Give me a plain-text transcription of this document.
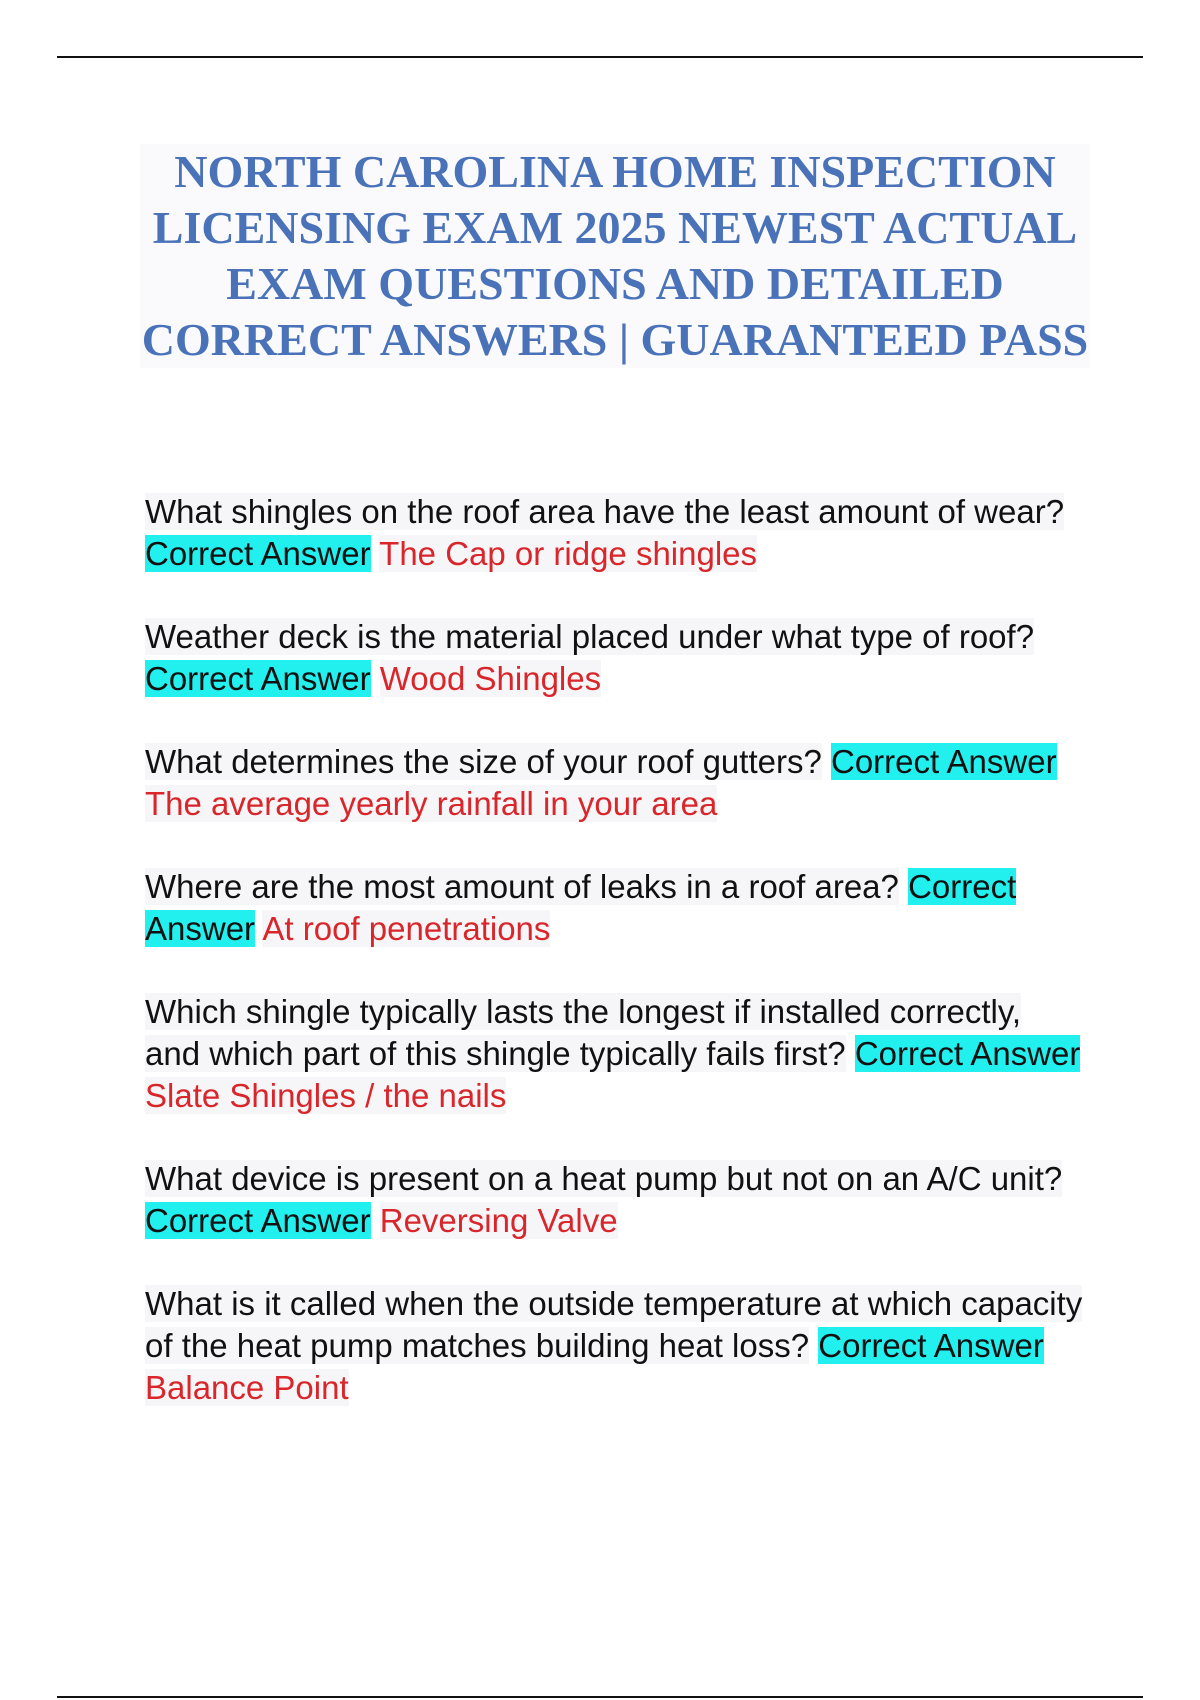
NORTH CAROLINA HOME INSPECTION LICENSING EXAM 2025 NEWEST ACTUAL EXAM QUESTIONS AND DETAILED CORRECT ANSWERS | GUARANTEED PASS

What shingles on the roof area have the least amount of wear? Correct Answer The Cap or ridge shingles

Weather deck is the material placed under what type of roof? Correct Answer Wood Shingles

What determines the size of your roof gutters? Correct Answer The average yearly rainfall in your area

Where are the most amount of leaks in a roof area? Correct Answer At roof penetrations

Which shingle typically lasts the longest if installed correctly, and which part of this shingle typically fails first? Correct Answer Slate Shingles / the nails

What device is present on a heat pump but not on an A/C unit? Correct Answer Reversing Valve

What is it called when the outside temperature at which capacity of the heat pump matches building heat loss? Correct Answer Balance Point
